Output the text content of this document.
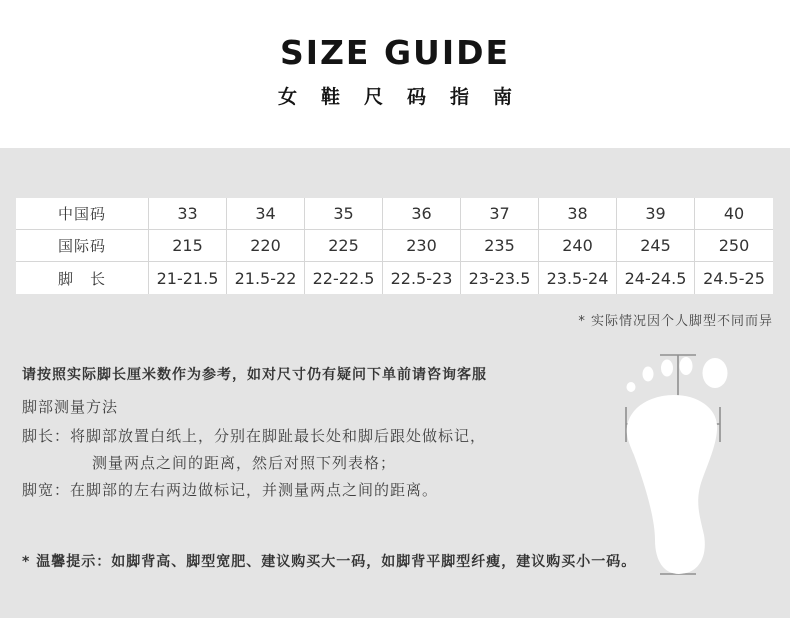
SIZE GUIDE
女鞋尺码指南
中国码	33	34	35	36	37	38	39	40
国际码	215	220	225	230	235	240	245	250
脚　长	21-21.5	21.5-22	22-22.5	22.5-23	23-23.5	23.5-24	24-24.5	24.5-25
* 实际情况因个人脚型不同而异
请按照实际脚长厘米数作为参考，如对尺寸仍有疑问下单前请咨询客服
脚部测量方法
脚长：将脚部放置白纸上，分别在脚趾最长处和脚后跟处做标记，
测量两点之间的距离，然后对照下列表格；
脚宽：在脚部的左右两边做标记，并测量两点之间的距离。
* 温馨提示：如脚背高、脚型宽肥、建议购买大一码，如脚背平脚型纤瘦，建议购买小一码。
